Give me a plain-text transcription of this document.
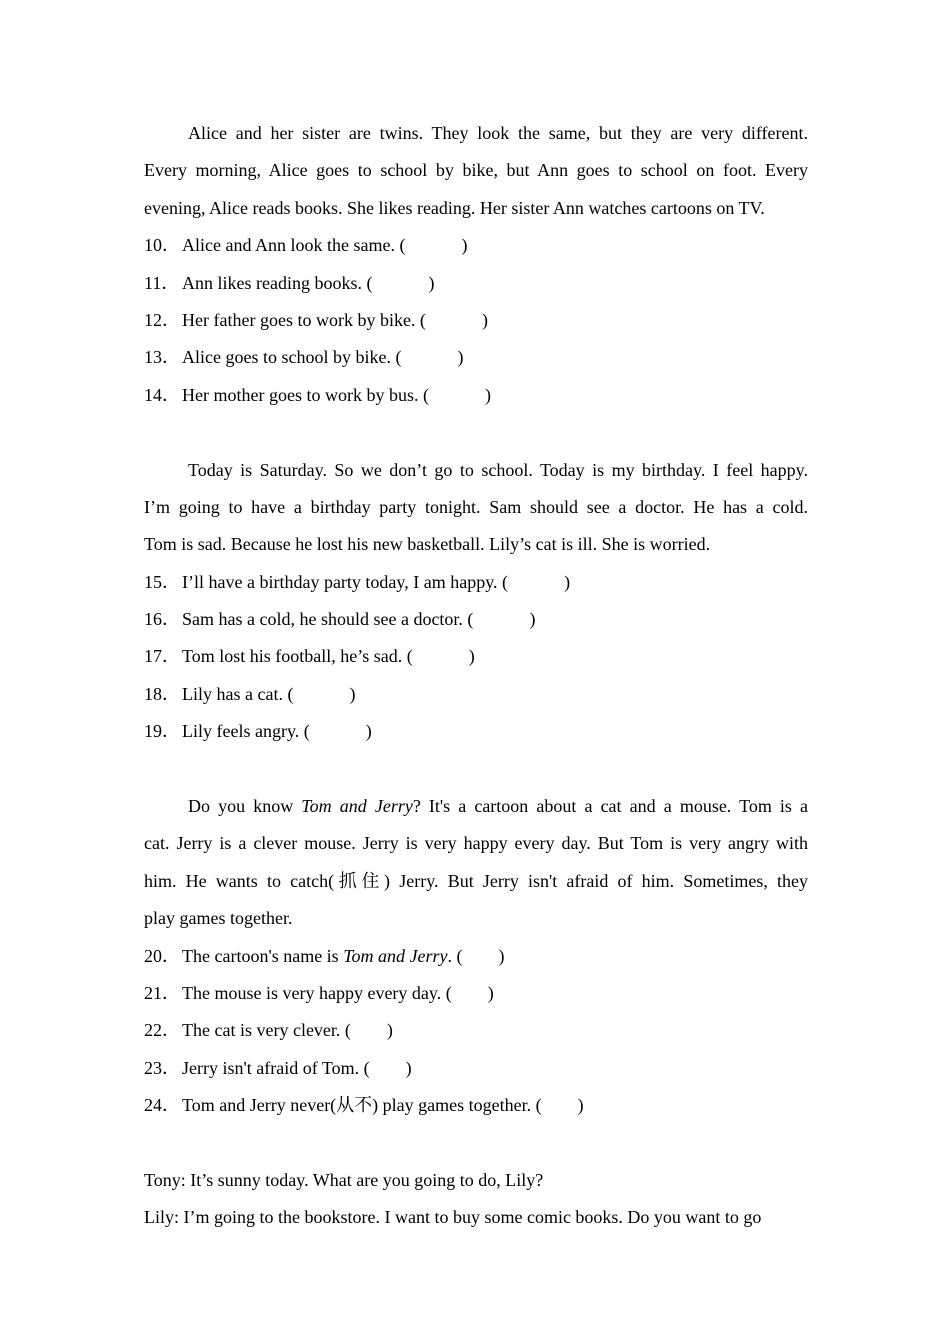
Alice and her sister are twins. They look the same, but they are very different.
Every morning, Alice goes to school by bike, but Ann goes to school on foot. Every
evening, Alice reads books. She likes reading. Her sister Ann watches cartoons on TV.
10． Alice and Ann look the same. (	)
11． Ann likes reading books. (	)
12． Her father goes to work by bike. (	)
13． Alice goes to school by bike. (	)
14． Her mother goes to work by bus. (	)
Today is Saturday. So we don’t go to school. Today is my birthday. I feel happy.
I’m going to have a birthday party tonight. Sam should see a doctor. He has a cold.
Tom is sad. Because he lost his new basketball. Lily’s cat is ill. She is worried.
15． I’ll have a birthday party today, I am happy. (	)
16． Sam has a cold, he should see a doctor. (	)
17． Tom lost his football, he’s sad. (	)
18． Lily has a cat. (	)
19． Lily feels angry. (	)
Do you know Tom and Jerry? It's a cartoon about a cat and a mouse. Tom is a
cat. Jerry is a clever mouse. Jerry is very happy every day. But Tom is very angry with
him. He wants to catch(抓住) Jerry. But Jerry isn't afraid of him. Sometimes, they
play games together.
20． The cartoon's name is Tom and Jerry. ( )
21． The mouse is very happy every day. ( )
22． The cat is very clever. ( )
23． Jerry isn't afraid of Tom. ( )
24． Tom and Jerry never(从不) play games together. ( )
Tony: It’s sunny today. What are you going to do, Lily?
Lily: I’m going to the bookstore. I want to buy some comic books. Do you want to go
